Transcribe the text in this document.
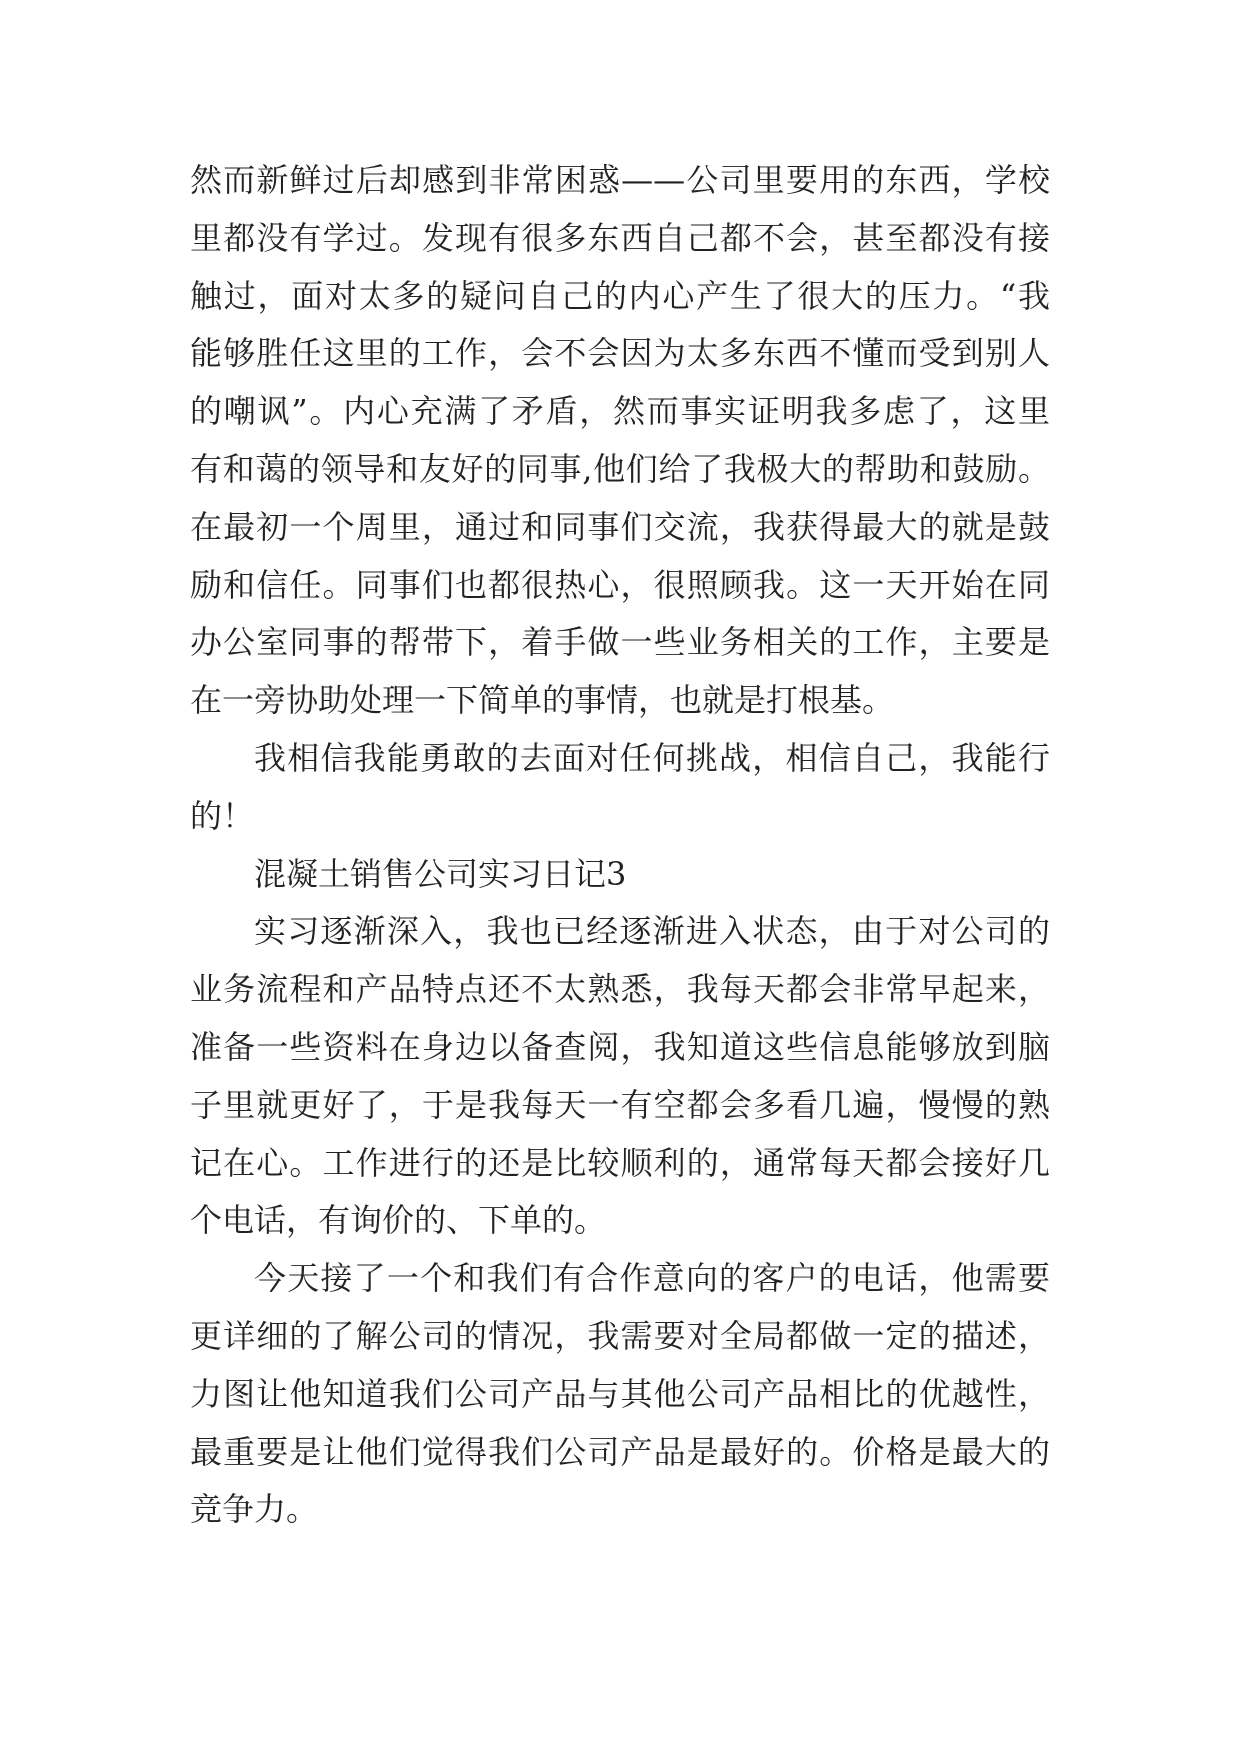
然而新鲜过后却感到非常困惑——公司里要用的东西，学校
里都没有学过。发现有很多东西自己都不会，甚至都没有接
触过，面对太多的疑问自己的内心产生了很大的压力。“我
能够胜任这里的工作，会不会因为太多东西不懂而受到别人
的嘲讽”。内心充满了矛盾，然而事实证明我多虑了，这里
有和蔼的领导和友好的同事,他们给了我极大的帮助和鼓励。
在最初一个周里，通过和同事们交流，我获得最大的就是鼓
励和信任。同事们也都很热心，很照顾我。这一天开始在同
办公室同事的帮带下，着手做一些业务相关的工作，主要是
在一旁协助处理一下简单的事情，也就是打根基。
我相信我能勇敢的去面对任何挑战，相信自己，我能行
的！
混凝土销售公司实习日记3
实习逐渐深入，我也已经逐渐进入状态，由于对公司的
业务流程和产品特点还不太熟悉，我每天都会非常早起来，
准备一些资料在身边以备查阅，我知道这些信息能够放到脑
子里就更好了，于是我每天一有空都会多看几遍，慢慢的熟
记在心。工作进行的还是比较顺利的，通常每天都会接好几
个电话，有询价的、下单的。
今天接了一个和我们有合作意向的客户的电话，他需要
更详细的了解公司的情况，我需要对全局都做一定的描述，
力图让他知道我们公司产品与其他公司产品相比的优越性，
最重要是让他们觉得我们公司产品是最好的。价格是最大的
竞争力。
